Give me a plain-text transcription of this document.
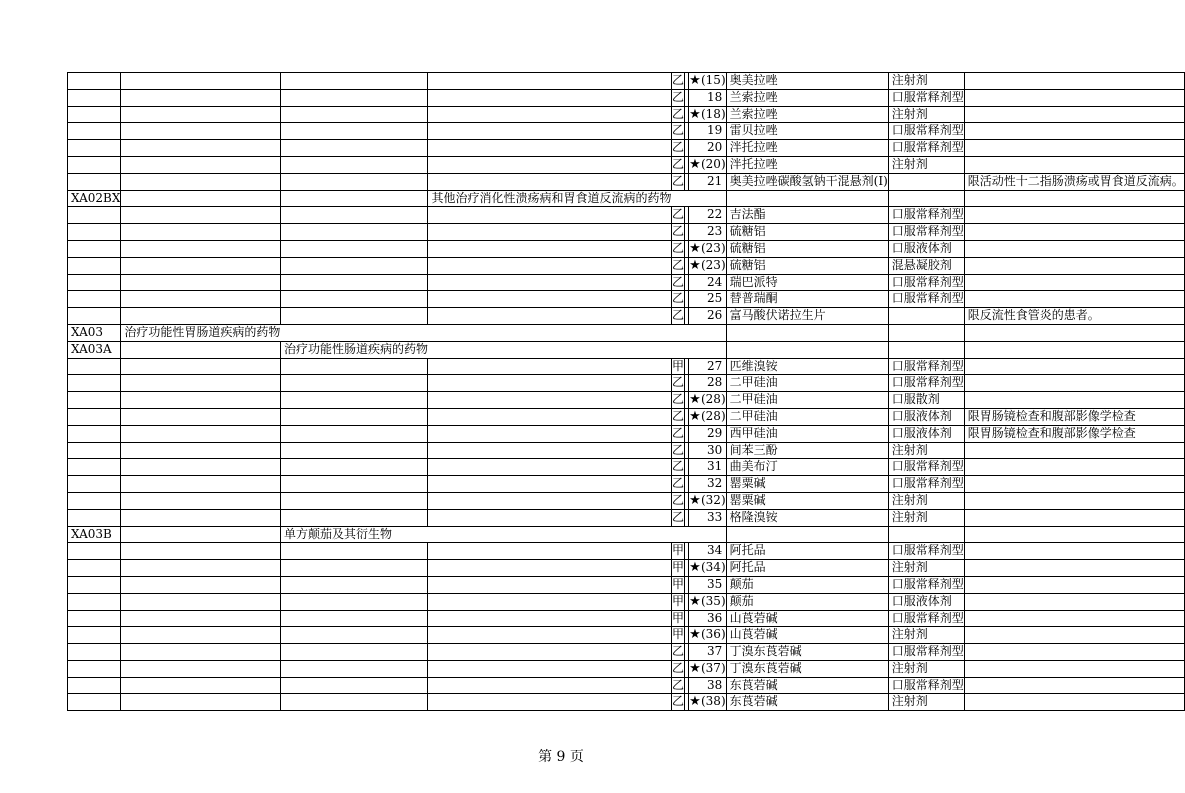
				乙		★(15)	奥美拉唑	注射剂	
				乙		18	兰索拉唑	口服常释剂型	
				乙		★(18)	兰索拉唑	注射剂	
				乙		19	雷贝拉唑	口服常释剂型	
				乙		20	泮托拉唑	口服常释剂型	
				乙		★(20)	泮托拉唑	注射剂	
				乙		21	奥美拉唑碳酸氢钠干混悬剂(Ⅰ)		限活动性十二指肠溃疡或胃食道反流病。
XA02BX			其他治疗消化性溃疡病和胃食道反流病的药物						
				乙		22	吉法酯	口服常释剂型	
				乙		23	硫糖铝	口服常释剂型	
				乙		★(23)	硫糖铝	口服液体剂	
				乙		★(23)	硫糖铝	混悬凝胶剂	
				乙		24	瑞巴派特	口服常释剂型	
				乙		25	替普瑞酮	口服常释剂型	
				乙		26	富马酸伏诺拉生片		限反流性食管炎的患者。
XA03	治疗功能性胃肠道疾病的药物								
XA03A		治疗功能性肠道疾病的药物							
				甲		27	匹维溴铵	口服常释剂型	
				乙		28	二甲硅油	口服常释剂型	
				乙		★(28)	二甲硅油	口服散剂	
				乙		★(28)	二甲硅油	口服液体剂	限胃肠镜检查和腹部影像学检查
				乙		29	西甲硅油	口服液体剂	限胃肠镜检查和腹部影像学检查
				乙		30	间苯三酚	注射剂	
				乙		31	曲美布汀	口服常释剂型	
				乙		32	罂粟碱	口服常释剂型	
				乙		★(32)	罂粟碱	注射剂	
				乙		33	格隆溴铵	注射剂	
XA03B		单方颠茄及其衍生物							
				甲		34	阿托品	口服常释剂型	
				甲		★(34)	阿托品	注射剂	
				甲		35	颠茄	口服常释剂型	
				甲		★(35)	颠茄	口服液体剂	
				甲		36	山莨菪碱	口服常释剂型	
				甲		★(36)	山莨菪碱	注射剂	
				乙		37	丁溴东莨菪碱	口服常释剂型	
				乙		★(37)	丁溴东莨菪碱	注射剂	
				乙		38	东莨菪碱	口服常释剂型	
				乙		★(38)	东莨菪碱	注射剂	
第 9 页
